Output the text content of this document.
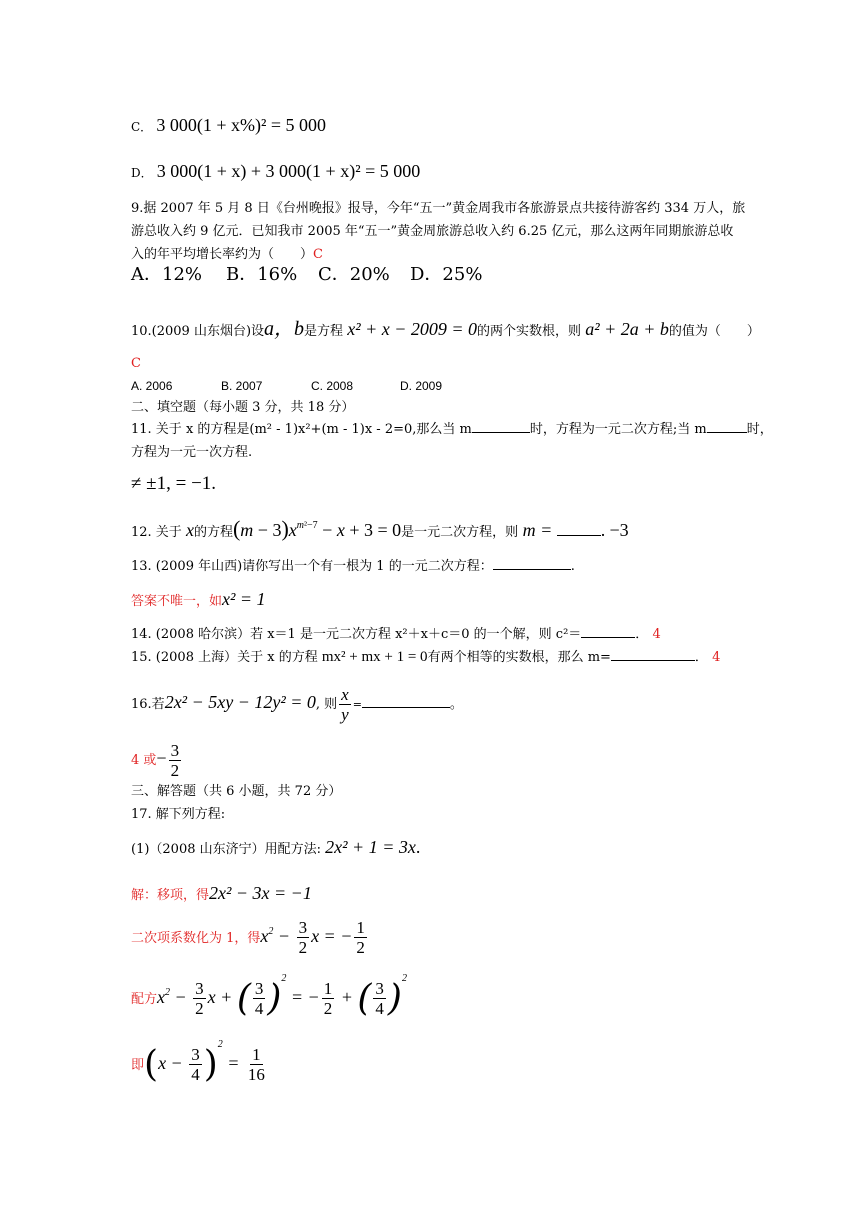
C． 3 000(1 + x%)² = 5 000
D． 3 000(1 + x) + 3 000(1 + x)² = 5 000
9.据 2007 年 5 月 8 日《台州晚报》报导，今年“五一”黄金周我市各旅游景点共接待游客约 334 万人，旅
游总收入约 9 亿元．已知我市 2005 年“五一”黄金周旅游总收入约 6.25 亿元，那么这两年同期旅游总收
入的年平均增长率约为（　　）C
A．12% B．16% C．20% D．25%
10.(2009 山东烟台)设a，b是方程 x² + x − 2009 = 0的两个实数根，则 a² + 2a + b的值为（　　）
C
A. 2006	B. 2007	C. 2008	D. 2009
二、填空题（每小题 3 分，共 18 分）
11. 关于 x 的方程是(m² - 1)x²+(m - 1)x - 2=0,那么当 m	时，方程为一元二次方程;当 m	时，
方程为一元一次方程.
≠ ±1, = −1.
12. 关于 x的方程$(m - 3)x^{m^2-7} - x + 3 = 0$是一元二次方程，则 m = . −3
13. (2009 年山西)请你写出一个有一根为 1 的一元二次方程：	.
答案不唯一，如x² = 1
14. (2008 哈尔滨）若 x＝1 是一元二次方程 x²＋x＋c＝0 的一个解，则 c²＝	． 4
15. (2008 上海）关于 x 的方程 mx² + mx + 1 = 0有两个相等的实数根，那么 m=	． 4
16.若2x² − 5xy − 12y² = 0, 则 $\frac{x}{y}$ =	。
4 或− $\frac{3}{2}$
三、解答题（共 6 小题，共 72 分）
17. 解下列方程:
(1)（2008 山东济宁）用配方法: 2x² + 1 = 3x.
解：移项，得2x² − 3x = −1
二次项系数化为 1，得$x^2 - \frac{3}{2}$ x = − $\frac{1}{2}$
配方$x^2 - \frac{3}{2}$ x + ( $\frac{3}{4} )^2$ = − $\frac{1}{2}$ + ( $\frac{3}{4} )^2$
即$(x - \frac{3}{4} )^2 = \frac{1}{16}$
